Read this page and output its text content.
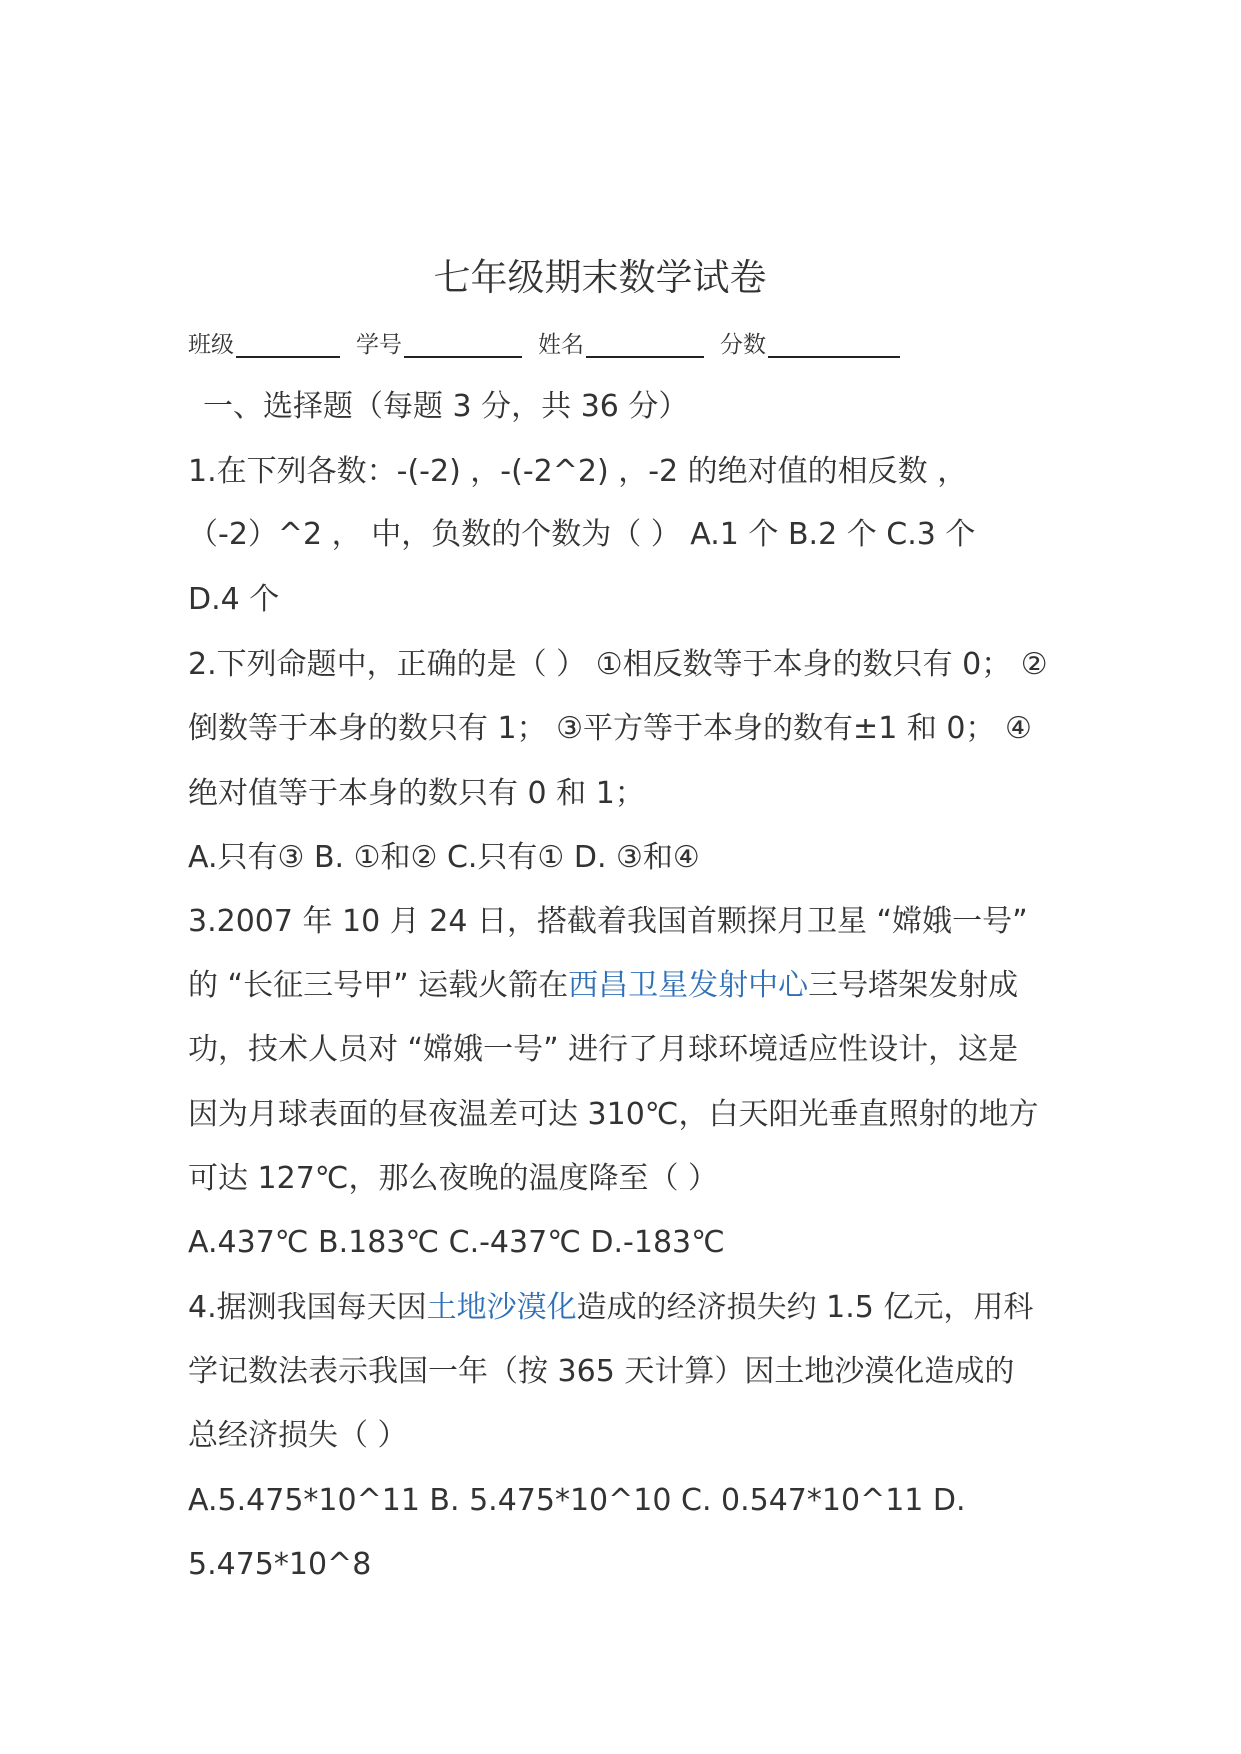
七年级期末数学试卷
班级	学号	姓名	分数
一、选择题（每题 3 分，共 36 分）
1.在下列各数：-(-2) ，-(-2^2) ，-2 的绝对值的相反数 ，
（-2）^2 ， 中，负数的个数为（ ） A.1 个 B.2 个 C.3 个
D.4 个
2.下列命题中，正确的是（ ） ①相反数等于本身的数只有 0； ②
倒数等于本身的数只有 1； ③平方等于本身的数有±1 和 0； ④
绝对值等于本身的数只有 0 和 1；
A.只有③ B. ①和② C.只有① D. ③和④
3.2007 年 10 月 24 日，搭截着我国首颗探月卫星 “嫦娥一号”
的 “长征三号甲” 运载火箭在西昌卫星发射中心三号塔架发射成
功，技术人员对 “嫦娥一号” 进行了月球环境适应性设计，这是
因为月球表面的昼夜温差可达 310℃，白天阳光垂直照射的地方
可达 127℃，那么夜晚的温度降至（ ）
A.437℃ B.183℃ C.-437℃ D.-183℃
4.据测我国每天因土地沙漠化造成的经济损失约 1.5 亿元，用科
学记数法表示我国一年（按 365 天计算）因土地沙漠化造成的
总经济损失（ ）
A.5.475*10^11 B. 5.475*10^10 C. 0.547*10^11 D.
5.475*10^8
